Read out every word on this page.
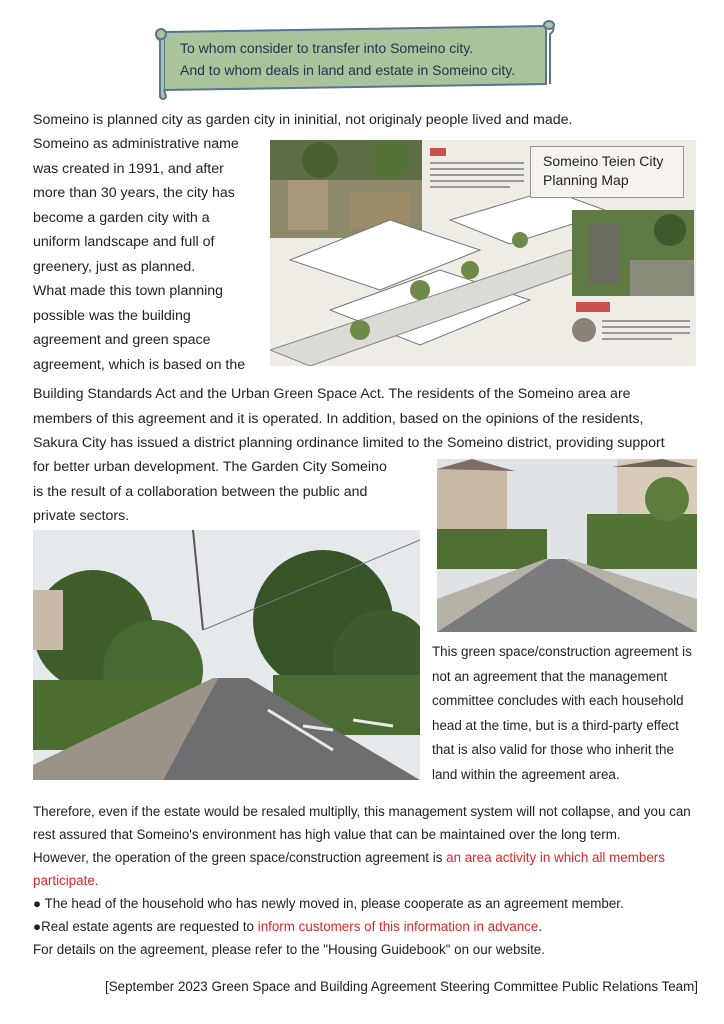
To whom consider to transfer into Someino city.
And to whom deals in land and estate in Someino city.
Someino is planned city as garden city in ininitial, not originaly people lived and made.
Someino as administrative name
was created in 1991, and after
more than 30 years, the city has
become a garden city with a
uniform landscape and full of
greenery, just as planned.
What made this town planning
possible was the building
agreement and green space
agreement, which is based on the
Someino Teien City
Planning Map
Building Standards Act and the Urban Green Space Act. The residents of the Someino area are
members of this agreement and it is operated. In addition, based on the opinions of the residents,
Sakura City has issued a district planning ordinance limited to the Someino district, providing support
for better urban development. The Garden City Someino
is the result of a collaboration between the public and
private sectors.
This green space/construction agreement is
not an agreement that the management
committee concludes with each household
head at the time, but is a third-party effect
that is also valid for those who inherit the
land within the agreement area.
Therefore, even if the estate would be resaled multiplly, this management system will not collapse, and you can
rest assured that Someino's environment has high value that can be maintained over the long term.
However, the operation of the green space/construction agreement is an area activity in which all members
participate.
● The head of the household who has newly moved in, please cooperate as an agreement member.
●Real estate agents are requested to inform customers of this information in advance.
For details on the agreement, please refer to the "Housing Guidebook" on our website.
[September 2023 Green Space and Building Agreement Steering Committee Public Relations Team]
